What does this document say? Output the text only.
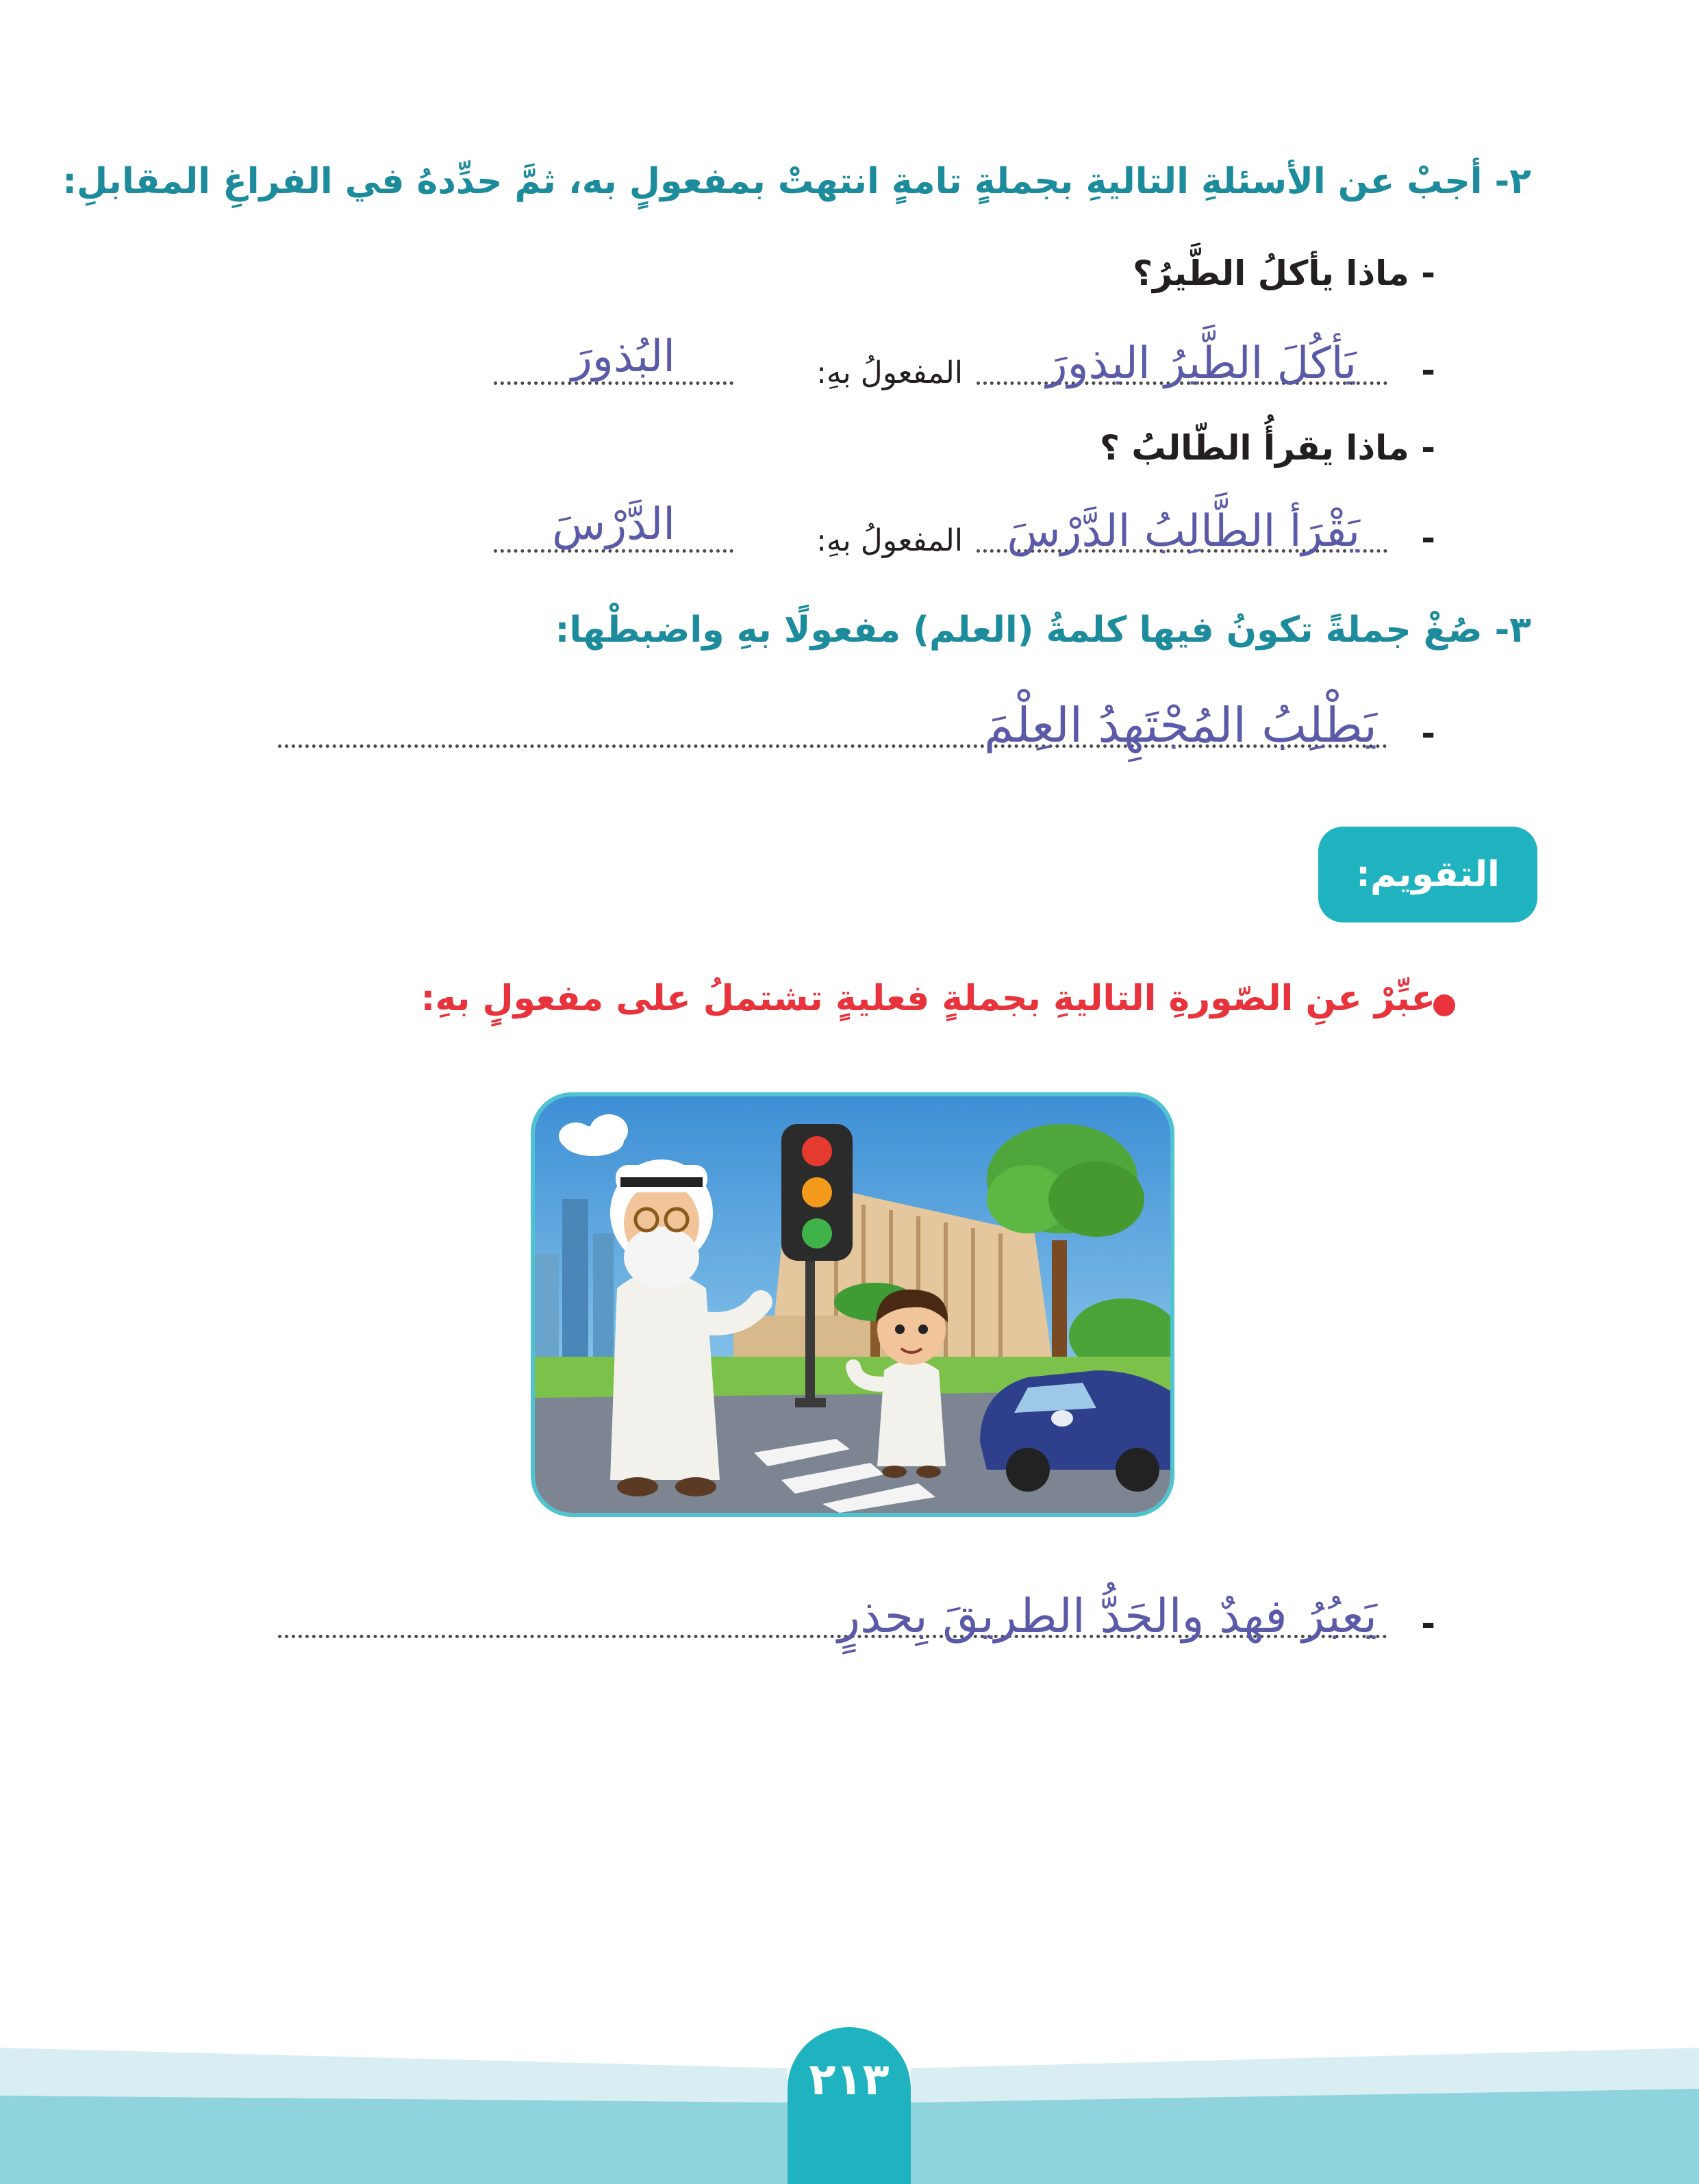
٢- أجبْ عن الأسئلةِ التاليةِ بجملةٍ تامةٍ انتهتْ بمفعولٍ به، ثمَّ حدِّدهُ في الفراغِ المقابلِ:
- ماذا يأكلُ الطَّيرُ؟
-
يَأكُلَ الطَّيرُ البذورَ
المفعولُ بهِ:
البُذورَ
- ماذا يقرأُ الطّالبُ ؟
-
يَقْرَأ الطَّالِبُ الدَّرْسَ
المفعولُ بهِ:
الدَّرْسَ
٣- صُغْ جملةً تكونُ فيها كلمةُ (العلم) مفعولًا بهِ واضبطْها:
-
يَطْلِبُ المُجْتَهِدُ العِلْمَ
التقويم:
عبِّرْ عنِ الصّورةِ التاليةِ بجملةٍ فعليةٍ تشتملُ على مفعولٍ بهِ:
-
يَعبُرُ فهدٌ والجَدُّ الطريقَ بِحذرٍ
٢١٣
